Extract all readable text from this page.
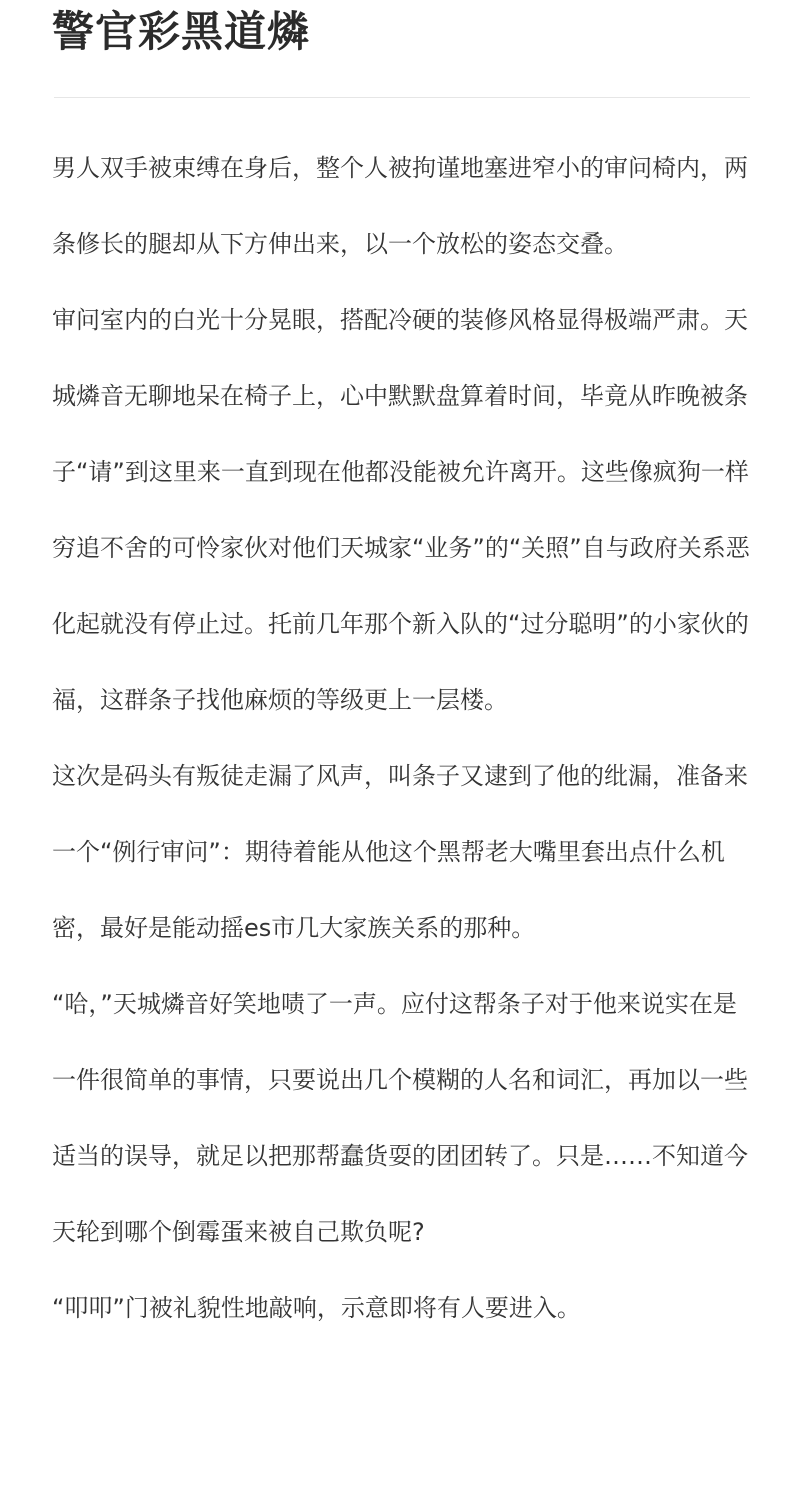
警官彩黑道燐

男人双手被束缚在身后，整个人被拘谨地塞进窄小的审问椅内，两条修长的腿却从下方伸出来，以一个放松的姿态交叠。

审问室内的白光十分晃眼，搭配冷硬的装修风格显得极端严肃。天城燐音无聊地呆在椅子上，心中默默盘算着时间，毕竟从昨晚被条子“请”到这里来一直到现在他都没能被允许离开。这些像疯狗一样穷追不舍的可怜家伙对他们天城家“业务”的“关照”自与政府关系恶化起就没有停止过。托前几年那个新入队的“过分聪明”的小家伙的福，这群条子找他麻烦的等级更上一层楼。

这次是码头有叛徒走漏了风声，叫条子又逮到了他的纰漏，准备来一个“例行审问”：期待着能从他这个黑帮老大嘴里套出点什么机密，最好是能动摇es市几大家族关系的那种。

“哈，”天城燐音好笑地啧了一声。应付这帮条子对于他来说实在是一件很简单的事情，只要说出几个模糊的人名和词汇，再加以一些适当的误导，就足以把那帮蠢货耍的团团转了。只是……不知道今天轮到哪个倒霉蛋来被自己欺负呢?

“叩叩”门被礼貌性地敲响，示意即将有人要进入。
